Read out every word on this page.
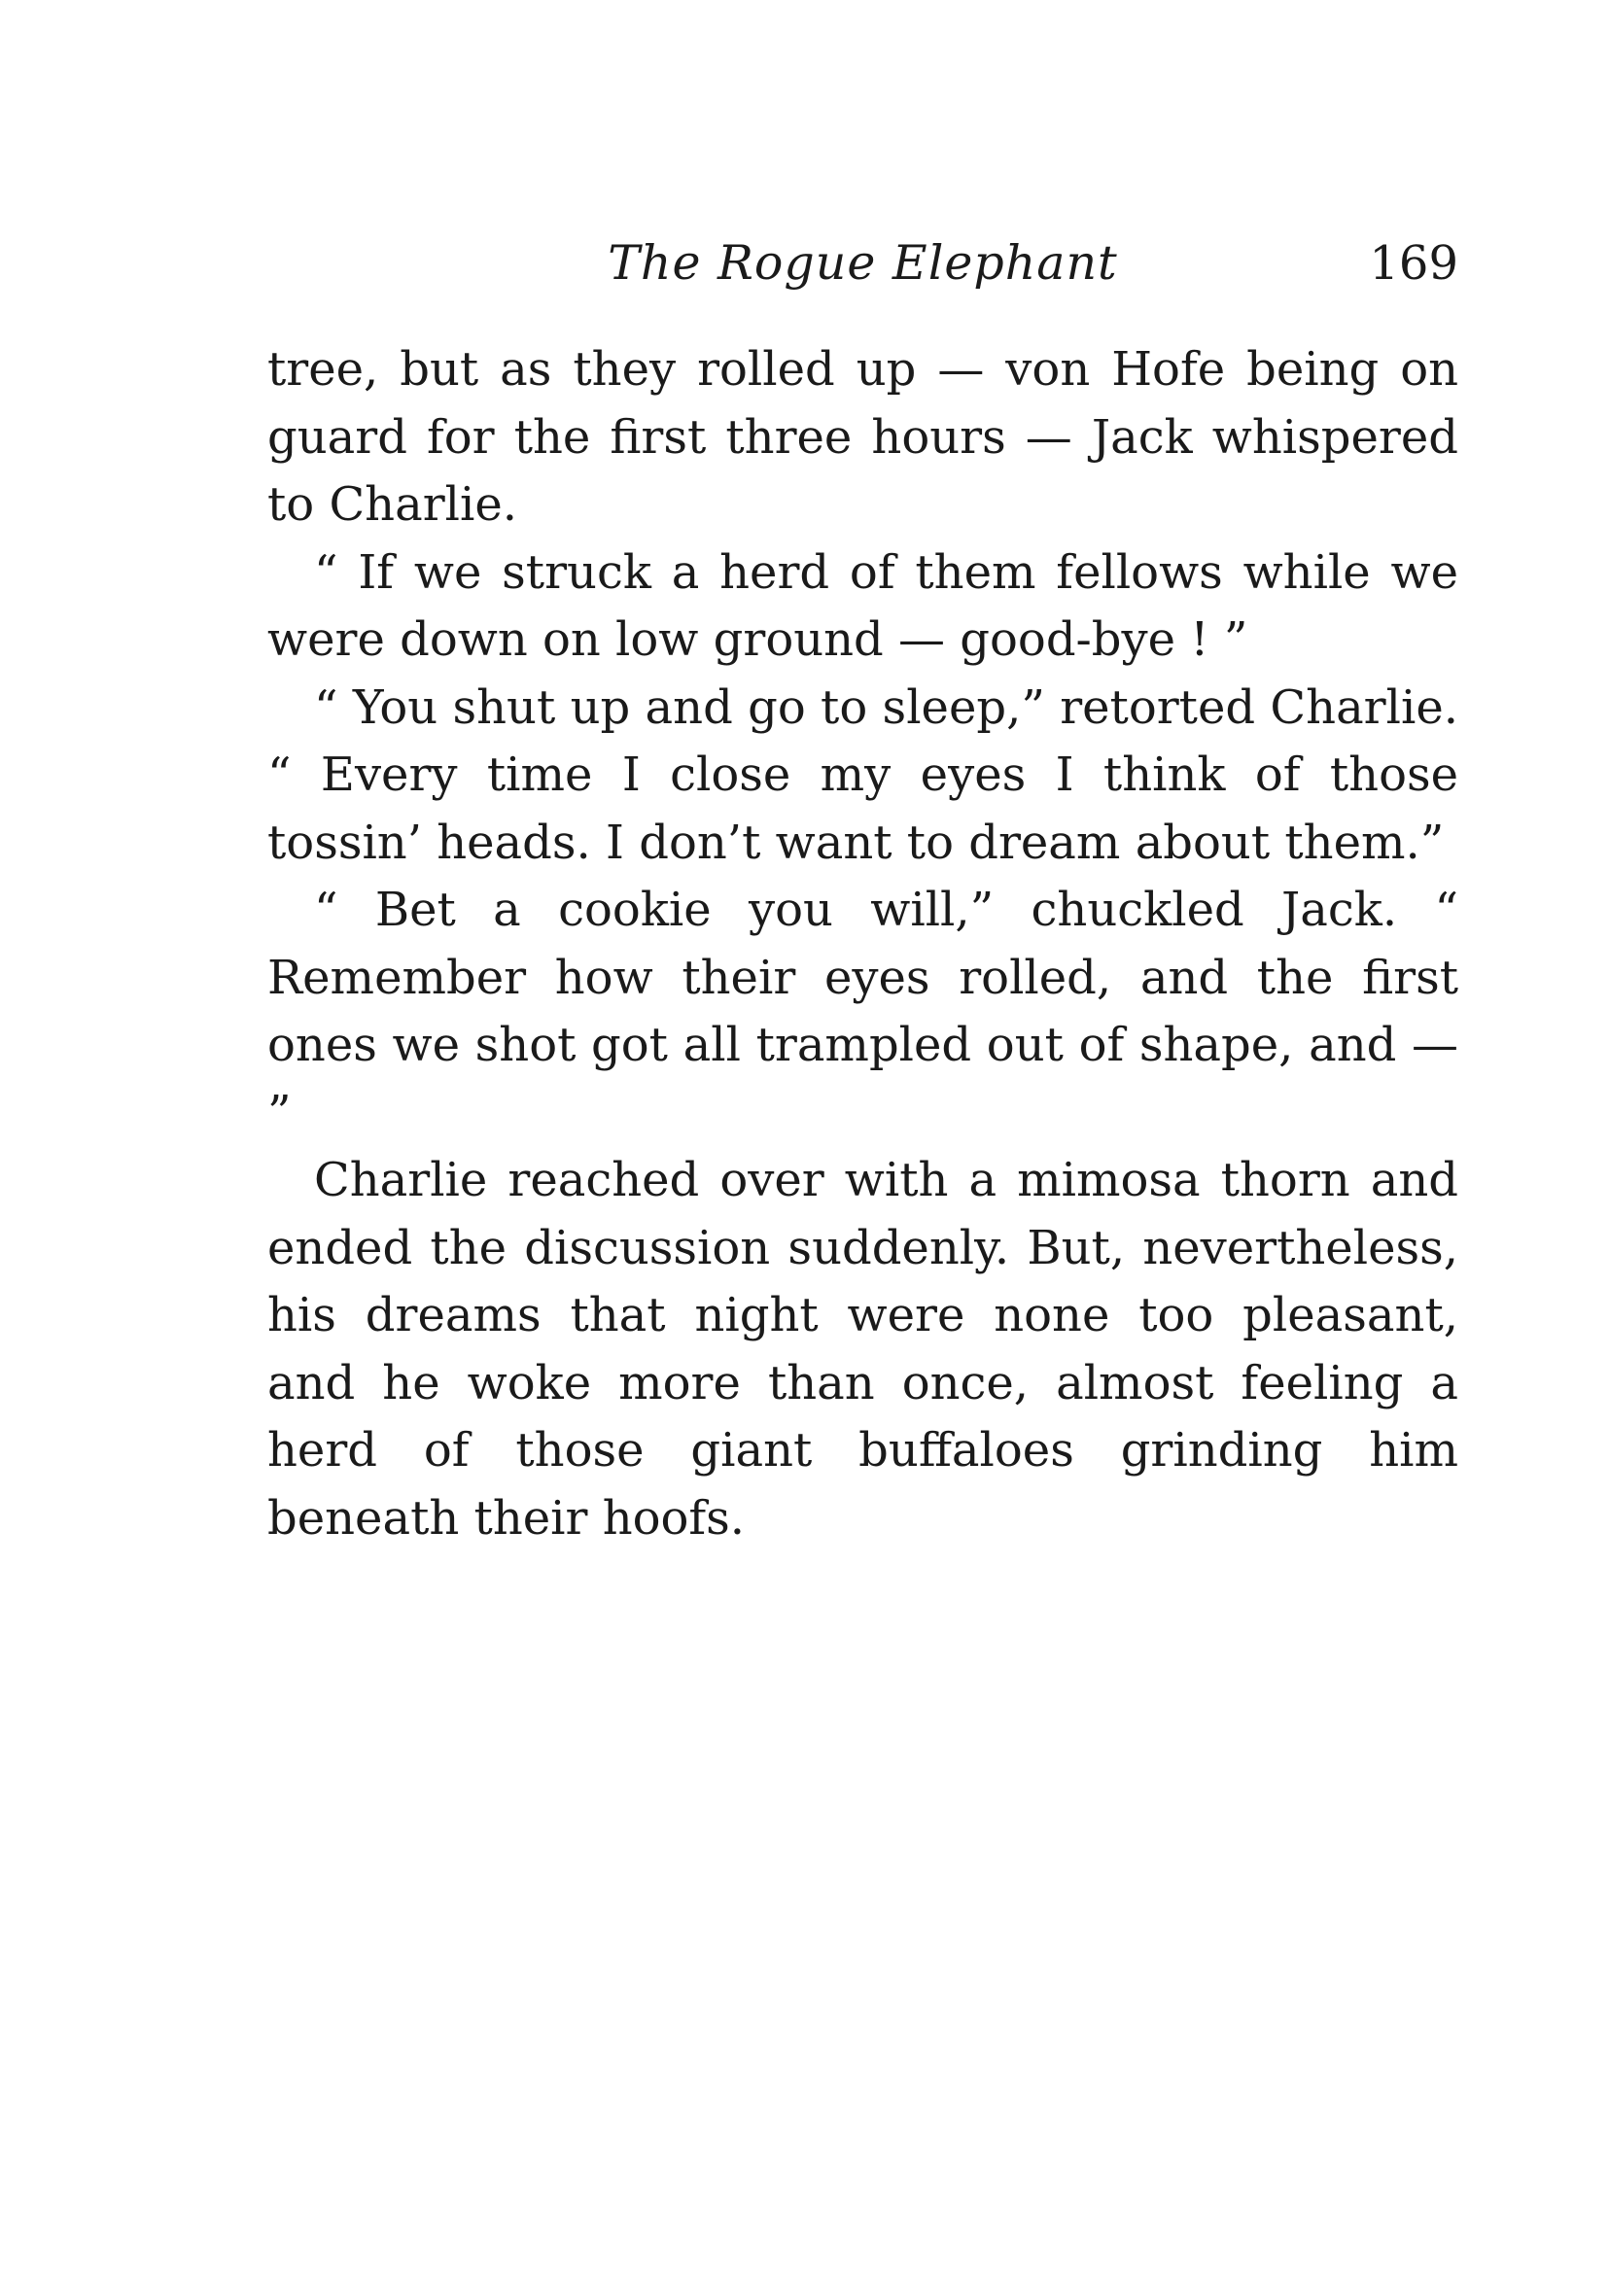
The Rogue Elephant	169

tree, but as they rolled up — von Hofe being on guard for the first three hours — Jack whispered to Charlie.

“ If we struck a herd of them fellows while we were down on low ground — good-bye ! ”

“ You shut up and go to sleep,” retorted Charlie. “ Every time I close my eyes I think of those tossin’ heads. I don’t want to dream about them.”

“ Bet a cookie you will,” chuckled Jack. “ Remember how their eyes rolled, and the first ones we shot got all trampled out of shape, and — ”

Charlie reached over with a mimosa thorn and ended the discussion suddenly. But, nevertheless, his dreams that night were none too pleasant, and he woke more than once, almost feeling a herd of those giant buffaloes grinding him beneath their hoofs.
